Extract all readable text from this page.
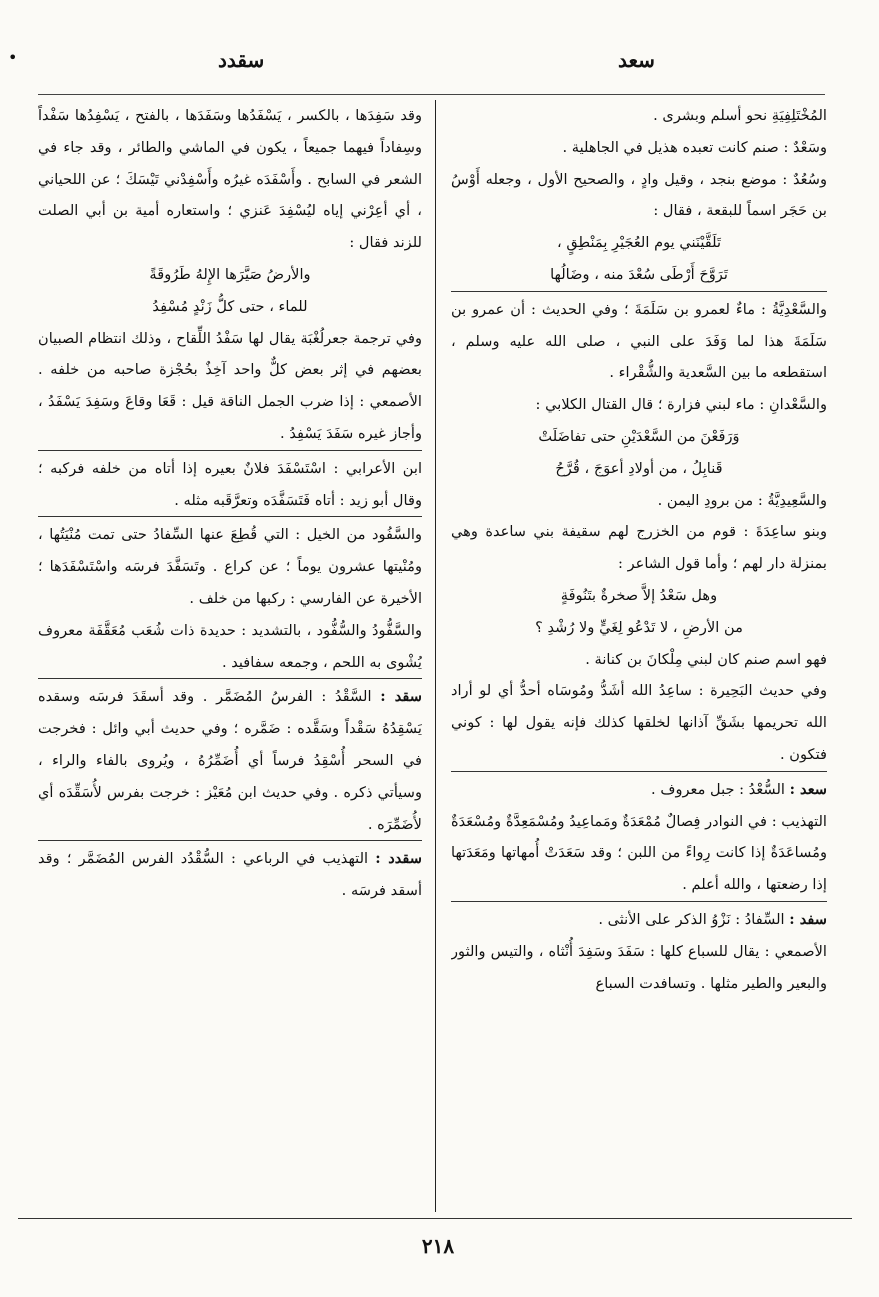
•	سعد
سقدد

المُخْتَلِفِيَةِ نحو أسلم وبشرى .

وسَعْدٌ : صنم كانت تعبده هذيل في الجاهلية .

وسُعُدٌ : موضع بنجد ، وقيل وادٍ ، والصحيح الأول ، وجعله أَوْسُ بن حَجَر اسماً للبقعة ، فقال :

تَلَقَّيْنَني يوم العُجَيْرِ بِمَنْطِقٍ ،

تَرَوَّحَ أَرْطَى سُعْدَ منه ، وضَالُها

والسَّعْدِيَّةُ : ماءٌ لعمرو بن سَلَمَةَ ؛ وفي الحديث : أن عمرو بن سَلَمَةَ هذا لما وَفَدَ على النبي ، صلى الله عليه وسلم ، استقطعه ما بين السَّعدية والشُّقْراء .

والسَّعْدانِ : ماء لبني فزارة ؛ قال القتال الكلابي :

وَرَفَعْنَ من السَّعْدَيْنِ حتى تفاضَلَتْ

قَنابِلُ ، من أولادِ أعوَجَ ، قُرَّحُ

والسَّعِيدِيَّةُ : من برودِ اليمن .

وبنو ساعِدَةَ : قوم من الخزرج لهم سقيفة بني ساعدة وهي بمنزلة دار لهم ؛ وأما قول الشاعر :

وهل سَعْدُ إلاَّ صخرةٌ بتَنُوفَةٍ

من الأرضِ ، لا تَدْعُو لِغَيٍّ ولا رُشْدِ ؟

فهو اسم صنم كان لبني مِلْكانَ بن كنانة .

وفي حديث البَحِيرة : ساعِدُ الله أشَدُّ ومُوسَاه أحدُّ أي لو أراد الله تحريمها بشَقِّ آذانها لخلقها كذلك فإنه يقول لها : كوني فتكون .

سعد : السُّعْدُ : جبل معروف .

التهذيب : في النوادر فِصالٌ مُمْعَدَةٌ ومَماعِيدُ ومُسْمَعِدَّةٌ ومُسْعَدَةٌ ومُساعَدَةٌ إذا كانت رِواءً من اللبن ؛ وقد سَعَدَتْ أُمهاتها ومَعَدَتها إذا رضعتها ، والله أعلم .

سفد : السِّفادُ : نَزْوُ الذكر على الأنثى .

الأصمعي : يقال للسباع كلها : سَفَدَ وسَفِدَ أُنْثاه ، والتيس والثور والبعير والطير مثلها . وتسافدت السباع

وقد سَفِدَها ، بالكسر ، يَسْفَدُها وسَفَدَها ، بالفتح ، يَسْفِدُها سَفْداً وسِفاداً فيهما جميعاً ، يكون في الماشي والطائر ، وقد جاء في الشعر في السابح . وأَسْفَدَه غيرُه وأَسْفِدْني تَيْسَكَ ؛ عن اللحياني ، أي أعِرْني إياه ليُسْفِدَ عَنزي ؛ واستعاره أمية بن أبي الصلت للزند فقال :

والأرضُ صَيَّرَها الإِلهُ طَرُوقَةً

للماء ، حتى كلُّ زَنْدٍ مُسْفِدُ

وفي ترجمة جعرلُغْبَة يقال لها سَفْدُ اللِّقاح ، وذلك انتظام الصبيان بعضهم في إثر بعض كلٌّ واحد آخِذٌ بحُجْزة صاحبه من خلفه . الأصمعي : إذا ضرب الجمل الناقة قيل : قَعَا وقاعَ وسَفِدَ يَسْفَدُ ، وأجاز غيره سَفَدَ يَسْفِدُ .

ابن الأعرابي : اسْتَسْفَدَ فلانٌ بعيره إذا أتاه من خلفه فركبه ؛ وقال أبو زيد : أتاه فَتَسَفَّدَه وتعرَّقَبه مثله .

والسَّفُود من الخيل : التي قُطِعَ عنها السِّفادُ حتى تمت مُنْيَتُها ، ومُنْيتها عشرون يوماً ؛ عن كراع . وتَسَفَّدَ فرسَه واسْتَسْفَدَها ؛ الأخيرة عن الفارسي : ركبها من خلف .

والسَّفُّودُ والسُّفُّود ، بالتشديد : حديدة ذات شُعَب مُعَقَّفَة معروف يُشْوى به اللحم ، وجمعه سفافيد .

سقد : السَّقْدُ : الفرسُ المُضَمَّر . وقد أسقَدَ فرسَه وسقده يَسْقِدُهُ سَقْداً وسَقَّده : ضَمَّره ؛ وفي حديث أبي وائل : فخرجت في السحر أُسْقِدُ فرساً أي أُضَمِّرُهُ ، ويُروى بالفاء والراء ، وسيأتي ذكره . وفي حديث ابن مُعَيْز : خرجت بفرس لأُسَقِّدَه أي لأُضَمِّرَه .

سقدد : التهذيب في الرباعي : السُّقْدُد الفرس المُضَمَّر ؛ وقد أسقد فرسَه .

٢١٨
